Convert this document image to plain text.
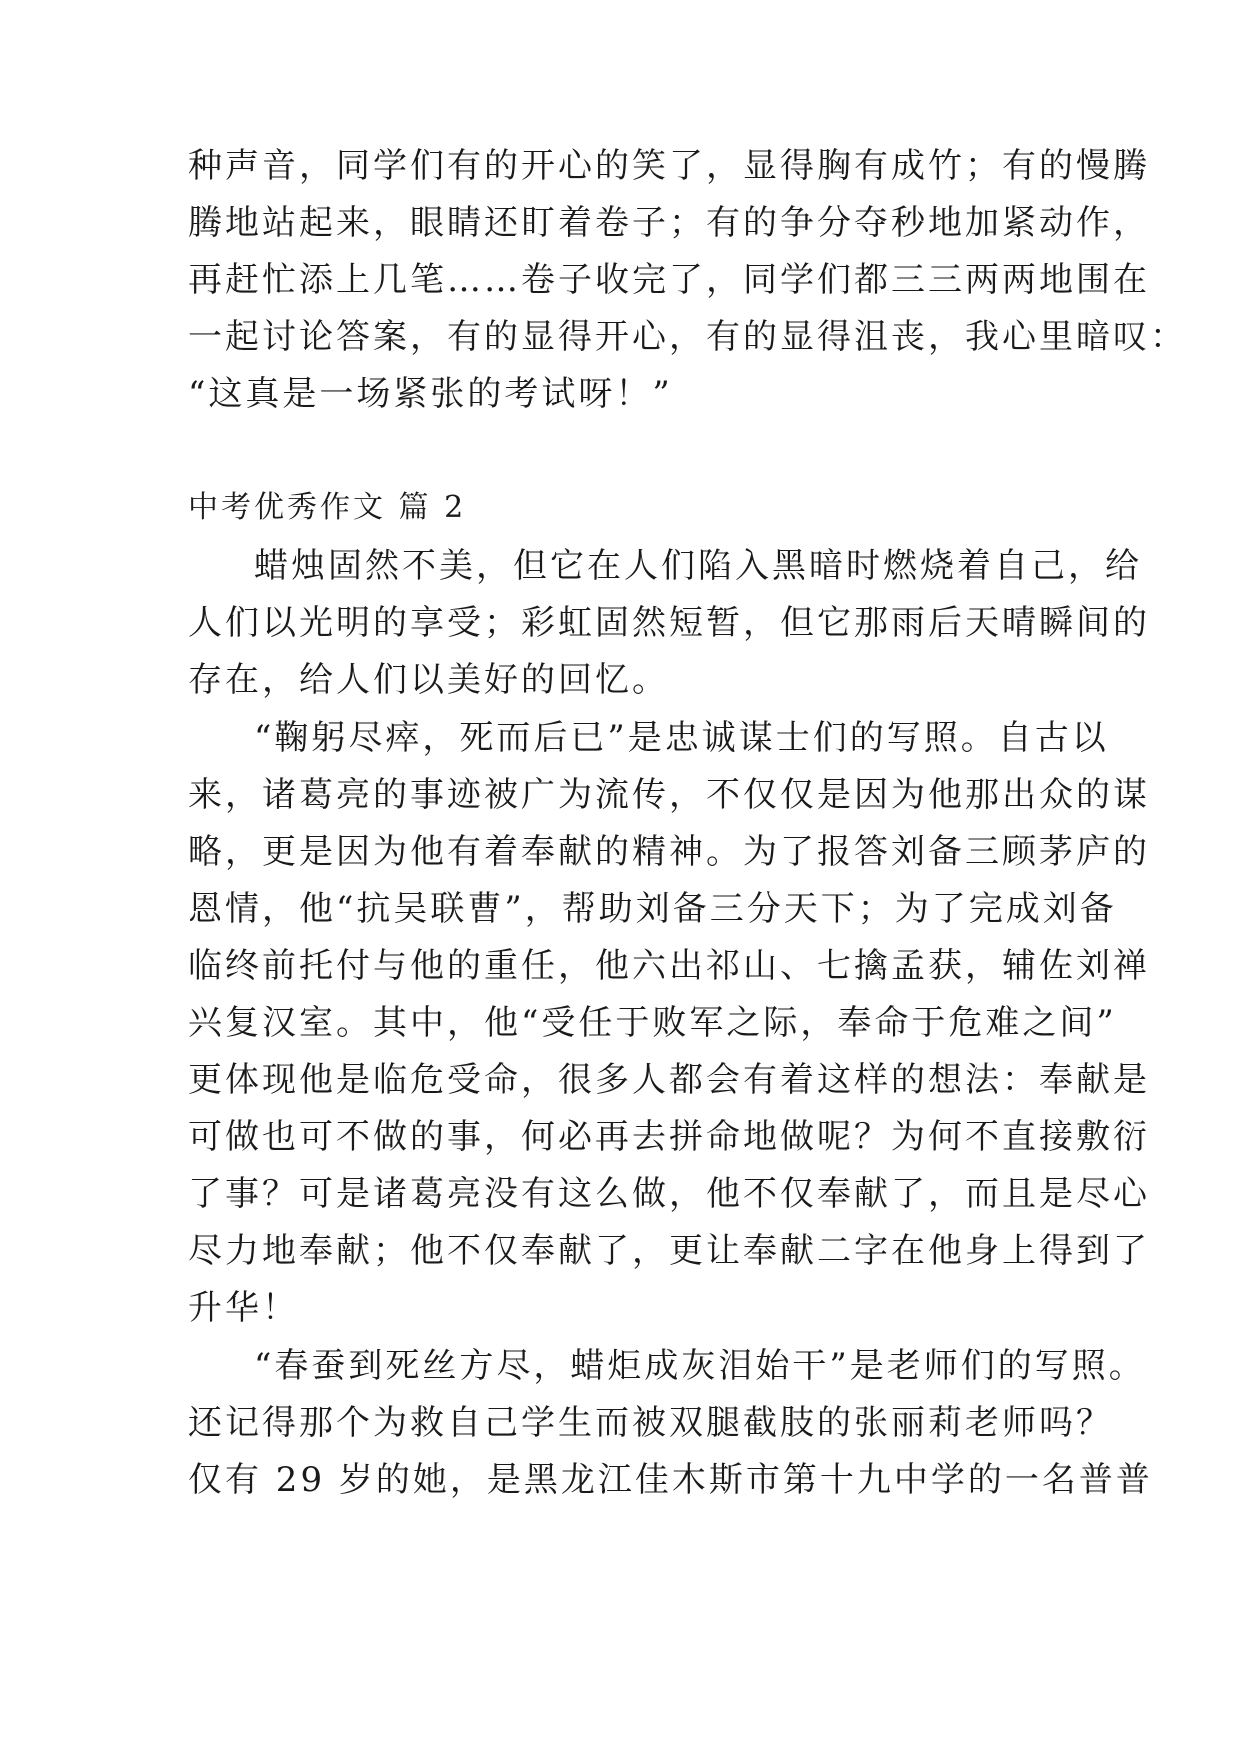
种声音，同学们有的开心的笑了，显得胸有成竹；有的慢腾
腾地站起来，眼睛还盯着卷子；有的争分夺秒地加紧动作，
再赶忙添上几笔……卷子收完了，同学们都三三两两地围在
一起讨论答案，有的显得开心，有的显得沮丧，我心里暗叹：
“这真是一场紧张的考试呀！”
中考优秀作文 篇 2
蜡烛固然不美，但它在人们陷入黑暗时燃烧着自己，给
人们以光明的享受；彩虹固然短暂，但它那雨后天晴瞬间的
存在，给人们以美好的回忆。
“鞠躬尽瘁，死而后已”是忠诚谋士们的写照。自古以
来，诸葛亮的事迹被广为流传，不仅仅是因为他那出众的谋
略，更是因为他有着奉献的精神。为了报答刘备三顾茅庐的
恩情，他“抗吴联曹”，帮助刘备三分天下；为了完成刘备
临终前托付与他的重任，他六出祁山、七擒孟获，辅佐刘禅
兴复汉室。其中，他“受任于败军之际，奉命于危难之间”
更体现他是临危受命，很多人都会有着这样的想法：奉献是
可做也可不做的事，何必再去拼命地做呢？为何不直接敷衍
了事？可是诸葛亮没有这么做，他不仅奉献了，而且是尽心
尽力地奉献；他不仅奉献了，更让奉献二字在他身上得到了
升华！
“春蚕到死丝方尽，蜡炬成灰泪始干”是老师们的写照。
还记得那个为救自己学生而被双腿截肢的张丽莉老师吗？
仅有 29 岁的她，是黑龙江佳木斯市第十九中学的一名普普
